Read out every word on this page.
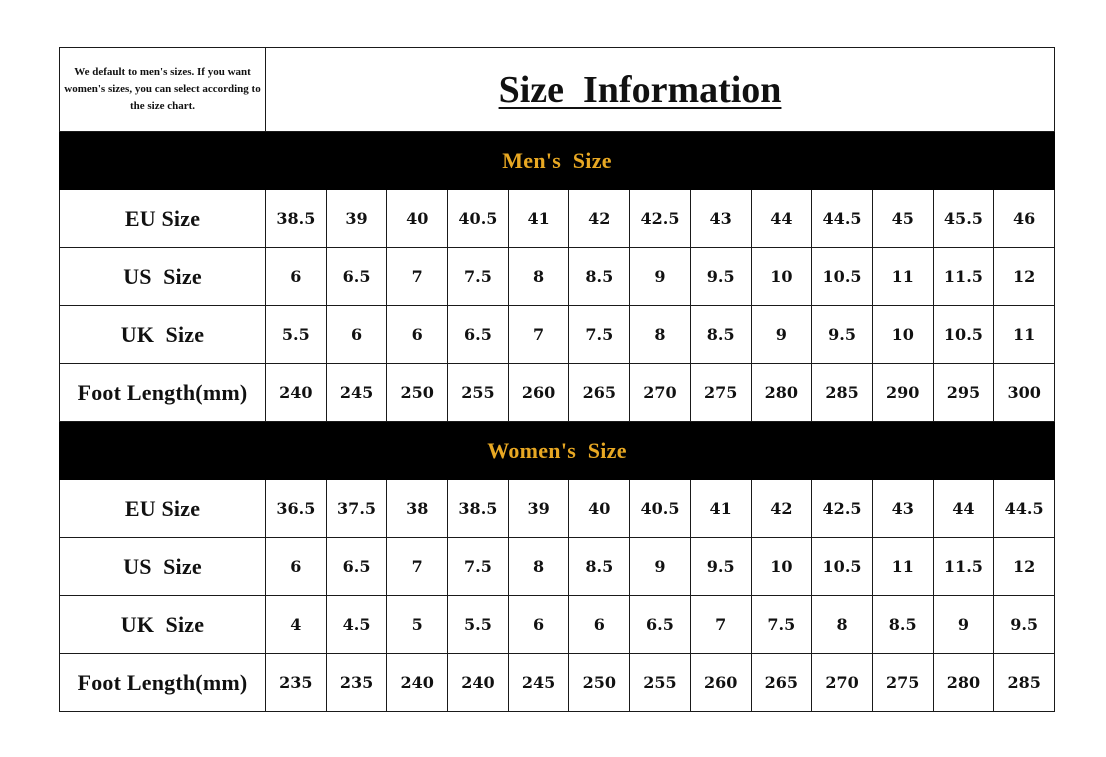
We default to men's sizes. If you want women's sizes, you can select according to the size chart.	Size  Information												
Men's  Size													
EU Size	38.5	39	40	40.5	41	42	42.5	43	44	44.5	45	45.5	46
US  Size	6	6.5	7	7.5	8	8.5	9	9.5	10	10.5	11	11.5	12
UK  Size	5.5	6	6	6.5	7	7.5	8	8.5	9	9.5	10	10.5	11
Foot Length(mm)	240	245	250	255	260	265	270	275	280	285	290	295	300
Women's  Size													
EU Size	36.5	37.5	38	38.5	39	40	40.5	41	42	42.5	43	44	44.5
US  Size	6	6.5	7	7.5	8	8.5	9	9.5	10	10.5	11	11.5	12
UK  Size	4	4.5	5	5.5	6	6	6.5	7	7.5	8	8.5	9	9.5
Foot Length(mm)	235	235	240	240	245	250	255	260	265	270	275	280	285
